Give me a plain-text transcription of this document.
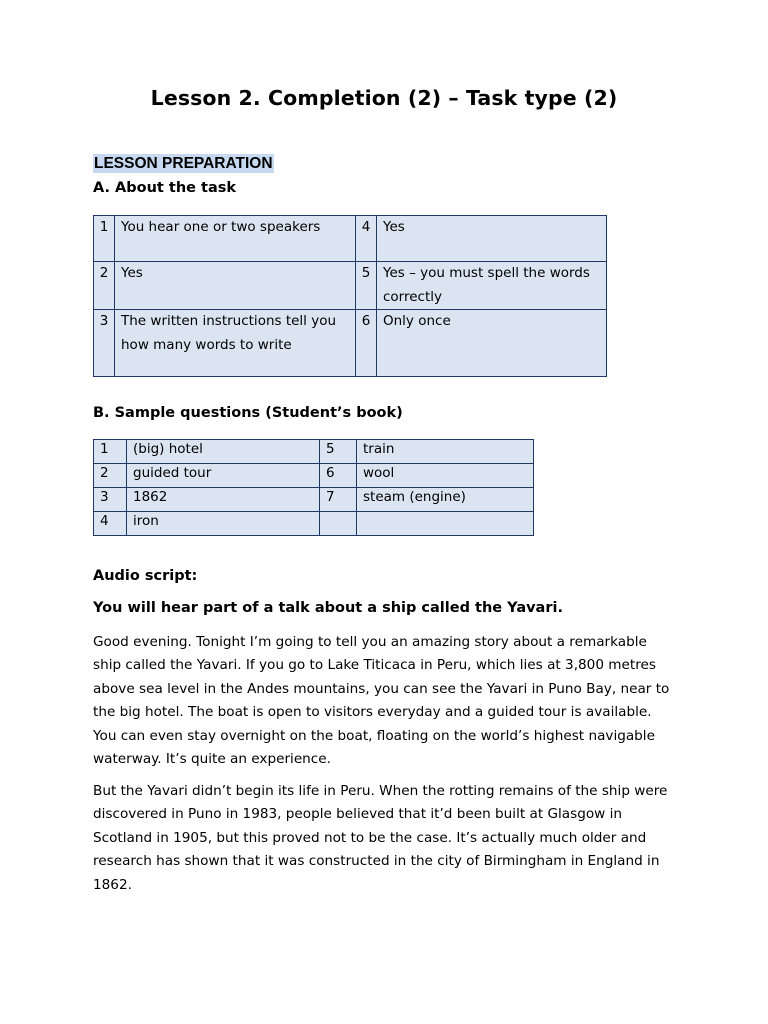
Lesson 2. Completion (2) – Task type (2)
LESSON PREPARATION

A. About the task

1	You hear one or two speakers	4	Yes
2	Yes	5	Yes – you must spell the words correctly
3	The written instructions tell you how many words to write	6	Only once

B. Sample questions (Student’s book)

1	(big) hotel	5	train
2	guided tour	6	wool
3	1862	7	steam (engine)
4	iron		

Audio script:

You will hear part of a talk about a ship called the Yavari.

Good evening. Tonight I’m going to tell you an amazing story about a remarkable ship called the Yavari. If you go to Lake Titicaca in Peru, which lies at 3,800 metres above sea level in the Andes mountains, you can see the Yavari in Puno Bay, near to the big hotel. The boat is open to visitors everyday and a guided tour is available. You can even stay overnight on the boat, floating on the world’s highest navigable waterway. It’s quite an experience.

But the Yavari didn’t begin its life in Peru. When the rotting remains of the ship were discovered in Puno in 1983, people believed that it’d been built at Glasgow in Scotland in 1905, but this proved not to be the case. It’s actually much older and research has shown that it was constructed in the city of Birmingham in England in 1862.
